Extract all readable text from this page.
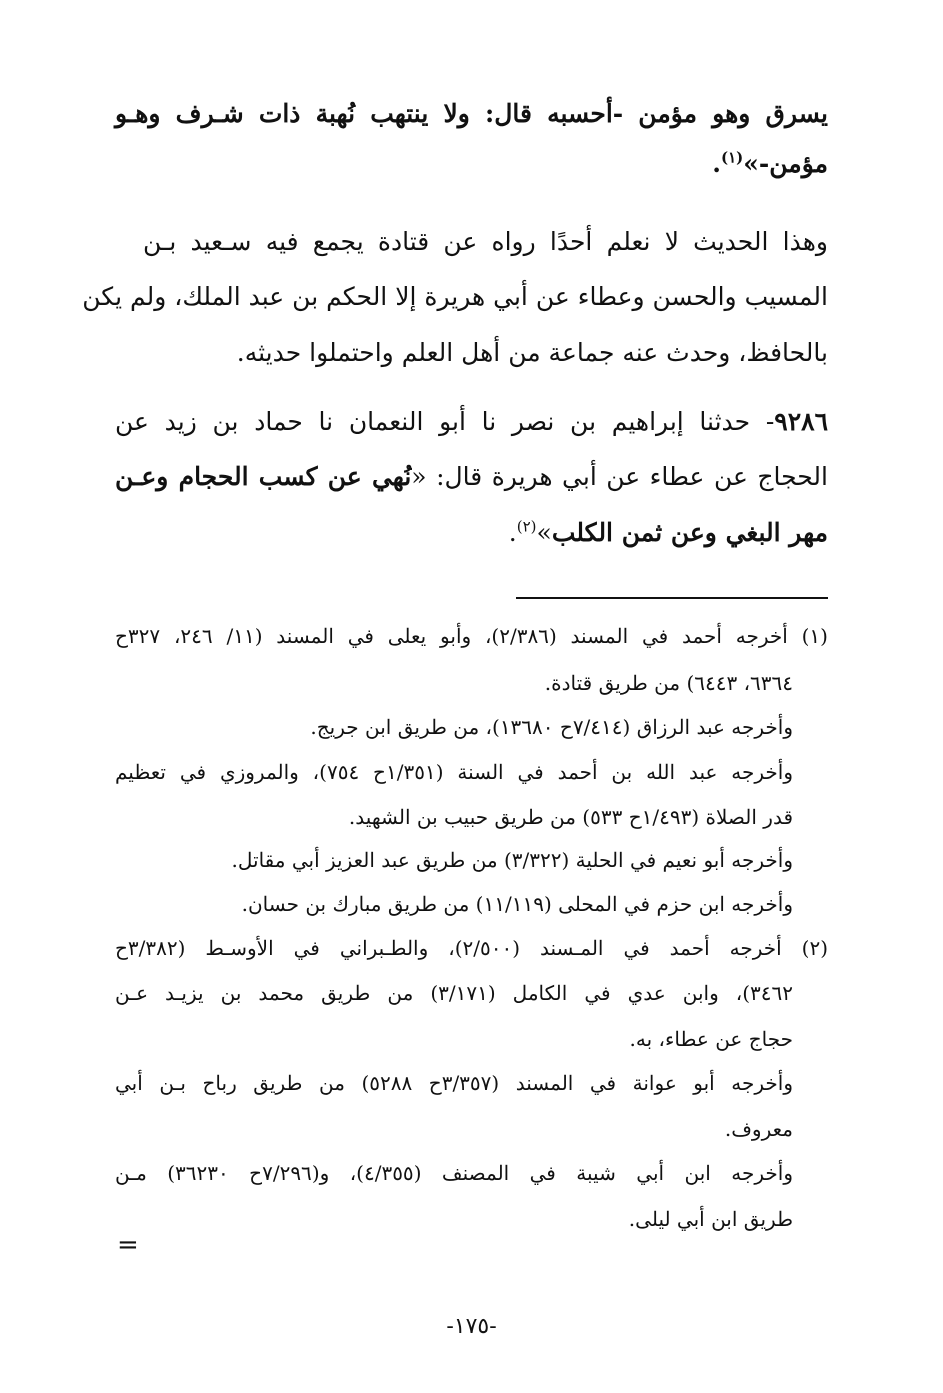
يسرق وهو مؤمن -أحسبه قال: ولا ينتهب نُهبة ذات شـرف وهـو
مؤمن-»$^{(١)}$.
وهذا الحديث لا نعلم أحدًا رواه عن قتادة يجمع فيه سـعيد بـن
المسيب والحسن وعطاء عن أبي هريرة إلا الحكم بن عبد الملك، ولم يكن
بالحافظ، وحدث عنه جماعة من أهل العلم واحتملوا حديثه.
٩٢٨٦- حدثنا إبراهيم بن نصر نا أبو النعمان نا حماد بن زيد عن
الحجاج عن عطاء عن أبي هريرة قال: «نُهي عن كسب الحجام وعـن
مهر البغي وعن ثمن الكلب»$^{(٢)}$.
(١) أخرجه أحمد في المسند (٢/٣٨٦)، وأبو يعلى في المسند (١١/ ٢٤٦، ٣٢٧ح
٦٣٦٤، ٦٤٤٣) من طريق قتادة.
وأخرجه عبد الرزاق (٧/٤١٤ح ١٣٦٨٠)، من طريق ابن جريج.
وأخرجه عبد الله بن أحمد في السنة (١/٣٥١ح ٧٥٤)، والمروزي في تعظيم
قدر الصلاة (١/٤٩٣ح ٥٣٣) من طريق حبيب بن الشهيد.
وأخرجه أبو نعيم في الحلية (٣/٣٢٢) من طريق عبد العزيز أبي مقاتل.
وأخرجه ابن حزم في المحلى (١١/١١٩) من طريق مبارك بن حسان.
(٢) أخرجه أحمد في المـسند (٢/٥٠٠)، والطـبراني في الأوسـط (٣/٣٨٢ح
٣٤٦٢)، وابن عدي في الكامل (٣/١٧١) من طريق محمد بن يزيـد عـن
حجاج عن عطاء، به.
وأخرجه أبو عوانة في المسند (٣/٣٥٧ح ٥٢٨٨) من طريق رباح بـن أبي
معروف.
وأخرجه ابن أبي شيبة في المصنف (٤/٣٥٥)، و(٧/٢٩٦ح ٣٦٢٣٠) مـن
طريق ابن أبي ليلى.
=
-١٧٥-
